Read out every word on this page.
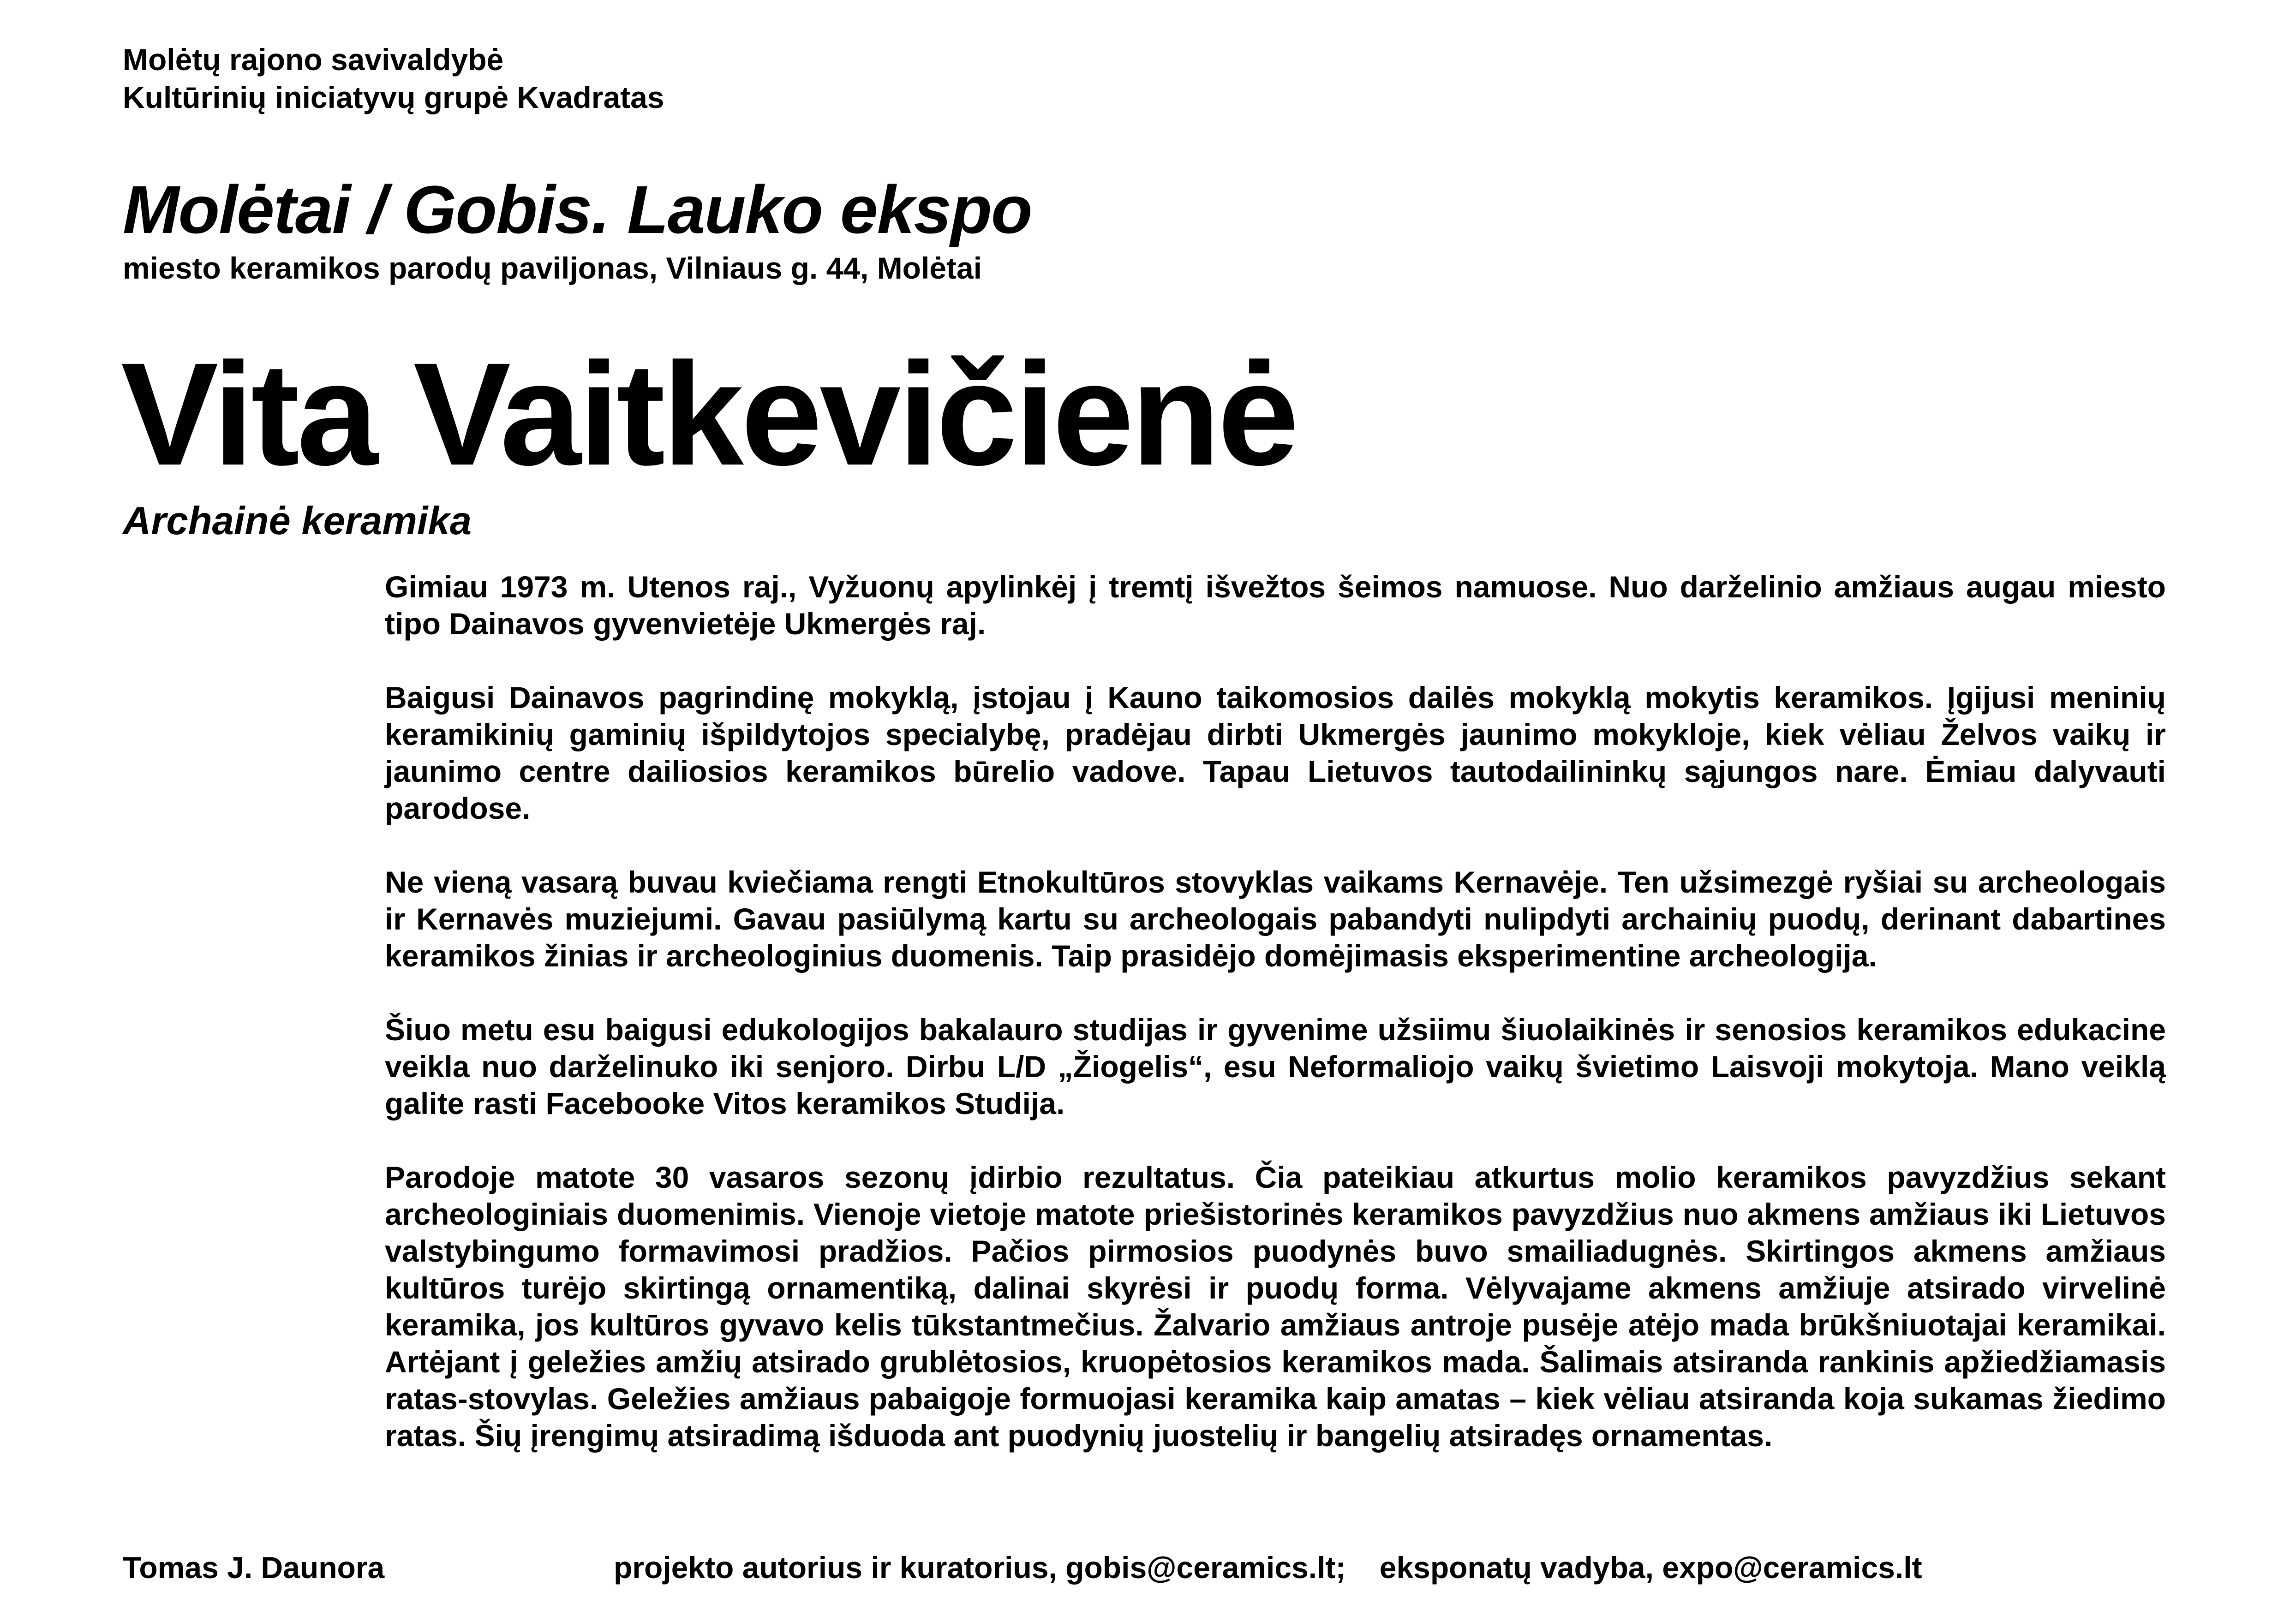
Molėtų rajono savivaldybė
Kultūrinių iniciatyvų grupė Kvadratas
Molėtai / Gobis. Lauko ekspo
miesto keramikos parodų paviljonas, Vilniaus g. 44, Molėtai
Vita Vaitkevičienė
Archainė keramika

Gimiau 1973 m. Utenos raj., Vyžuonų apylinkėj į tremtį išvežtos šeimos namuose. Nuo darželinio amžiaus augau miesto tipo Dainavos gyvenvietėje Ukmergės raj.

Baigusi Dainavos pagrindinę mokyklą, įstojau į Kauno taikomosios dailės mokyklą mokytis keramikos. Įgijusi meninių keramikinių gaminių išpildytojos specialybę, pradėjau dirbti Ukmergės jaunimo mokykloje, kiek vėliau Želvos vaikų ir jaunimo centre dailiosios keramikos būrelio vadove. Tapau Lietuvos tautodailininkų sąjungos nare. Ėmiau dalyvauti parodose.

Ne vieną vasarą buvau kviečiama rengti Etnokultūros stovyklas vaikams Kernavėje. Ten užsimezgė ryšiai su archeologais ir Kernavės muziejumi. Gavau pasiūlymą kartu su archeologais pabandyti nulipdyti archainių puodų, derinant dabartines keramikos žinias ir archeologinius duomenis. Taip prasidėjo domėjimasis eksperimentine archeologija.

Šiuo metu esu baigusi edukologijos bakalauro studijas ir gyvenime užsiimu šiuolaikinės ir senosios keramikos edukacine veikla nuo darželinuko iki senjoro. Dirbu L/D „Žiogelis“, esu Neformaliojo vaikų švietimo Laisvoji mokytoja. Mano veiklą galite rasti Facebooke Vitos keramikos Studija.

Parodoje matote 30 vasaros sezonų įdirbio rezultatus. Čia pateikiau atkurtus molio keramikos pavyzdžius sekant archeologiniais duomenimis. Vienoje vietoje matote priešistorinės keramikos pavyzdžius nuo akmens amžiaus iki Lietuvos valstybingumo formavimosi pradžios. Pačios pirmosios puodynės buvo smailiadugnės. Skirtingos akmens amžiaus kultūros turėjo skirtingą ornamentiką, dalinai skyrėsi ir puodų forma. Vėlyvajame akmens amžiuje atsirado virvelinė keramika, jos kultūros gyvavo kelis tūkstantmečius. Žalvario amžiaus antroje pusėje atėjo mada brūkšniuotajai keramikai. Artėjant į geležies amžių atsirado grublėtosios, kruopėtosios keramikos mada. Šalimais atsiranda rankinis apžiedžiamasis ratas-stovylas. Geležies amžiaus pabaigoje formuojasi keramika kaip amatas – kiek vėliau atsiranda koja sukamas žiedimo ratas. Šių įrengimų atsiradimą išduoda ant puodynių juostelių ir bangelių atsiradęs ornamentas.

Tomas J. Daunora	projekto autorius ir kuratorius, gobis@ceramics.lt;    eksponatų vadyba, expo@ceramics.lt
